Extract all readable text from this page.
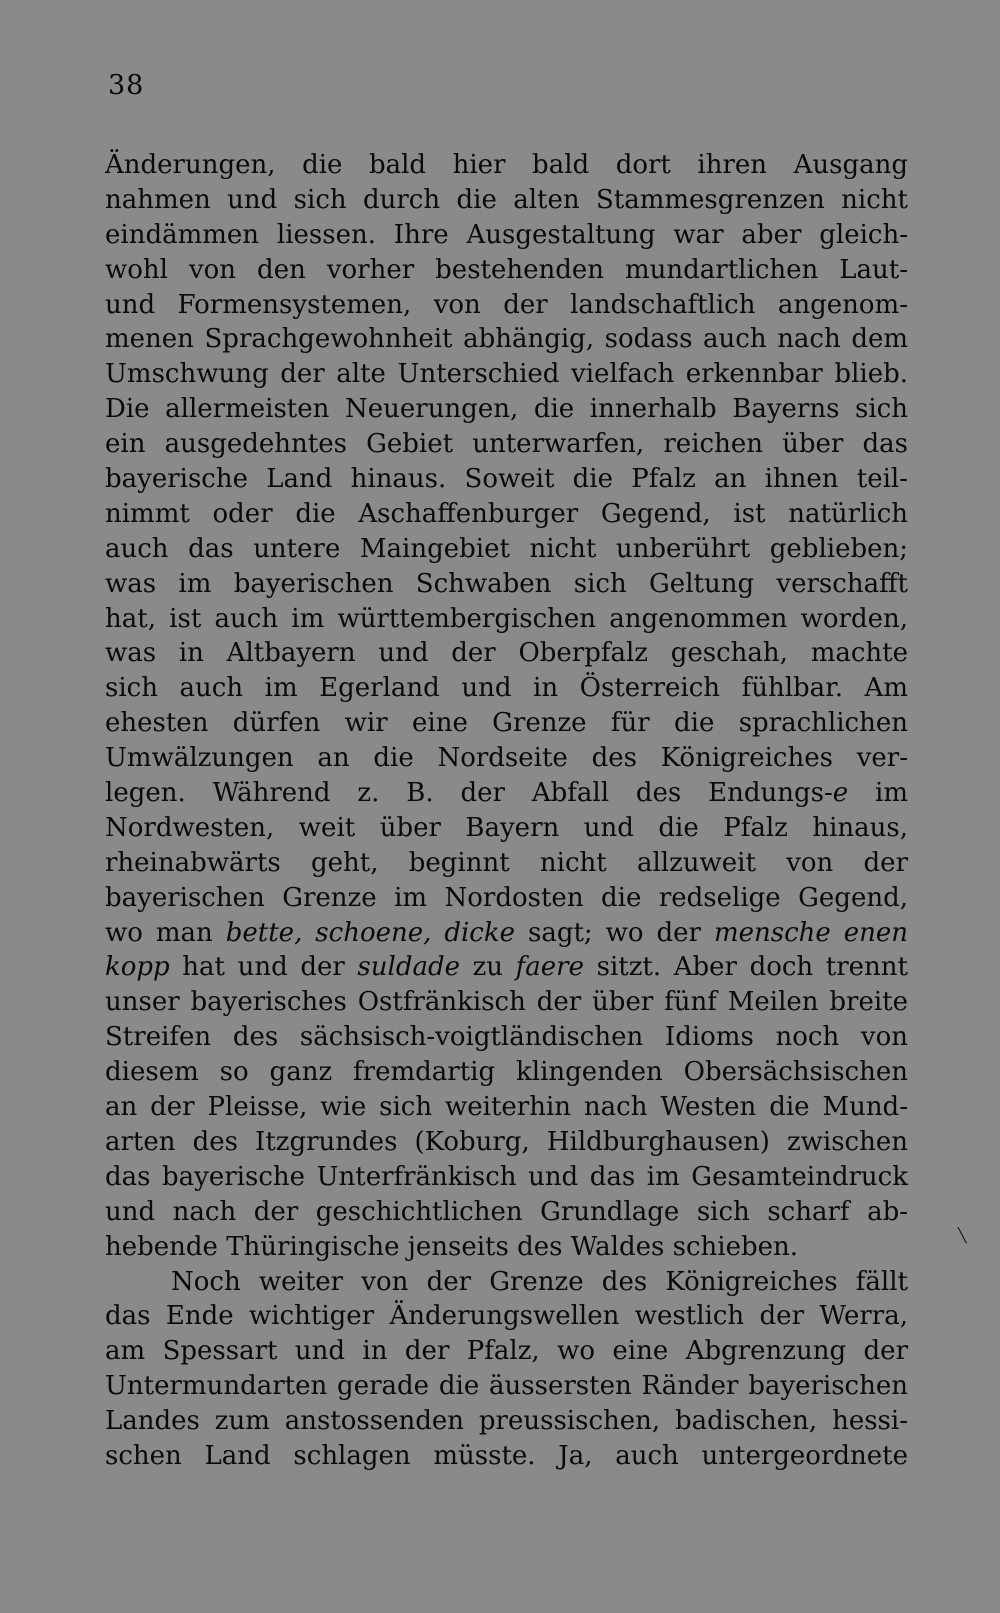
38
Änderungen, die bald hier bald dort ihren Ausgang
nahmen und sich durch die alten Stammesgrenzen nicht
eindämmen liessen. Ihre Ausgestaltung war aber gleich-
wohl von den vorher bestehenden mundartlichen Laut-
und Formensystemen, von der landschaftlich angenom-
menen Sprachgewohnheit abhängig, sodass auch nach dem
Umschwung der alte Unterschied vielfach erkennbar blieb.
Die allermeisten Neuerungen, die innerhalb Bayerns sich
ein ausgedehntes Gebiet unterwarfen, reichen über das
bayerische Land hinaus. Soweit die Pfalz an ihnen teil-
nimmt oder die Aschaffenburger Gegend, ist natürlich
auch das untere Maingebiet nicht unberührt geblieben;
was im bayerischen Schwaben sich Geltung verschafft
hat, ist auch im württembergischen angenommen worden,
was in Altbayern und der Oberpfalz geschah, machte
sich auch im Egerland und in Österreich fühlbar. Am
ehesten dürfen wir eine Grenze für die sprachlichen
Umwälzungen an die Nordseite des Königreiches ver-
legen. Während z. B. der Abfall des Endungs-e im
Nordwesten, weit über Bayern und die Pfalz hinaus,
rheinabwärts geht, beginnt nicht allzuweit von der
bayerischen Grenze im Nordosten die redselige Gegend,
wo man bette, schoene, dicke sagt; wo der mensche enen
kopp hat und der suldade zu faere sitzt. Aber doch trennt
unser bayerisches Ostfränkisch der über fünf Meilen breite
Streifen des sächsisch-voigtländischen Idioms noch von
diesem so ganz fremdartig klingenden Obersächsischen
an der Pleisse, wie sich weiterhin nach Westen die Mund-
arten des Itzgrundes (Koburg, Hildburghausen) zwischen
das bayerische Unterfränkisch und das im Gesamteindruck
und nach der geschichtlichen Grundlage sich scharf ab-
hebende Thüringische jenseits des Waldes schieben.
Noch weiter von der Grenze des Königreiches fällt
das Ende wichtiger Änderungswellen westlich der Werra,
am Spessart und in der Pfalz, wo eine Abgrenzung der
Untermundarten gerade die äussersten Ränder bayerischen
Landes zum anstossenden preussischen, badischen, hessi-
schen Land schlagen müsste. Ja, auch untergeordnete
╲
